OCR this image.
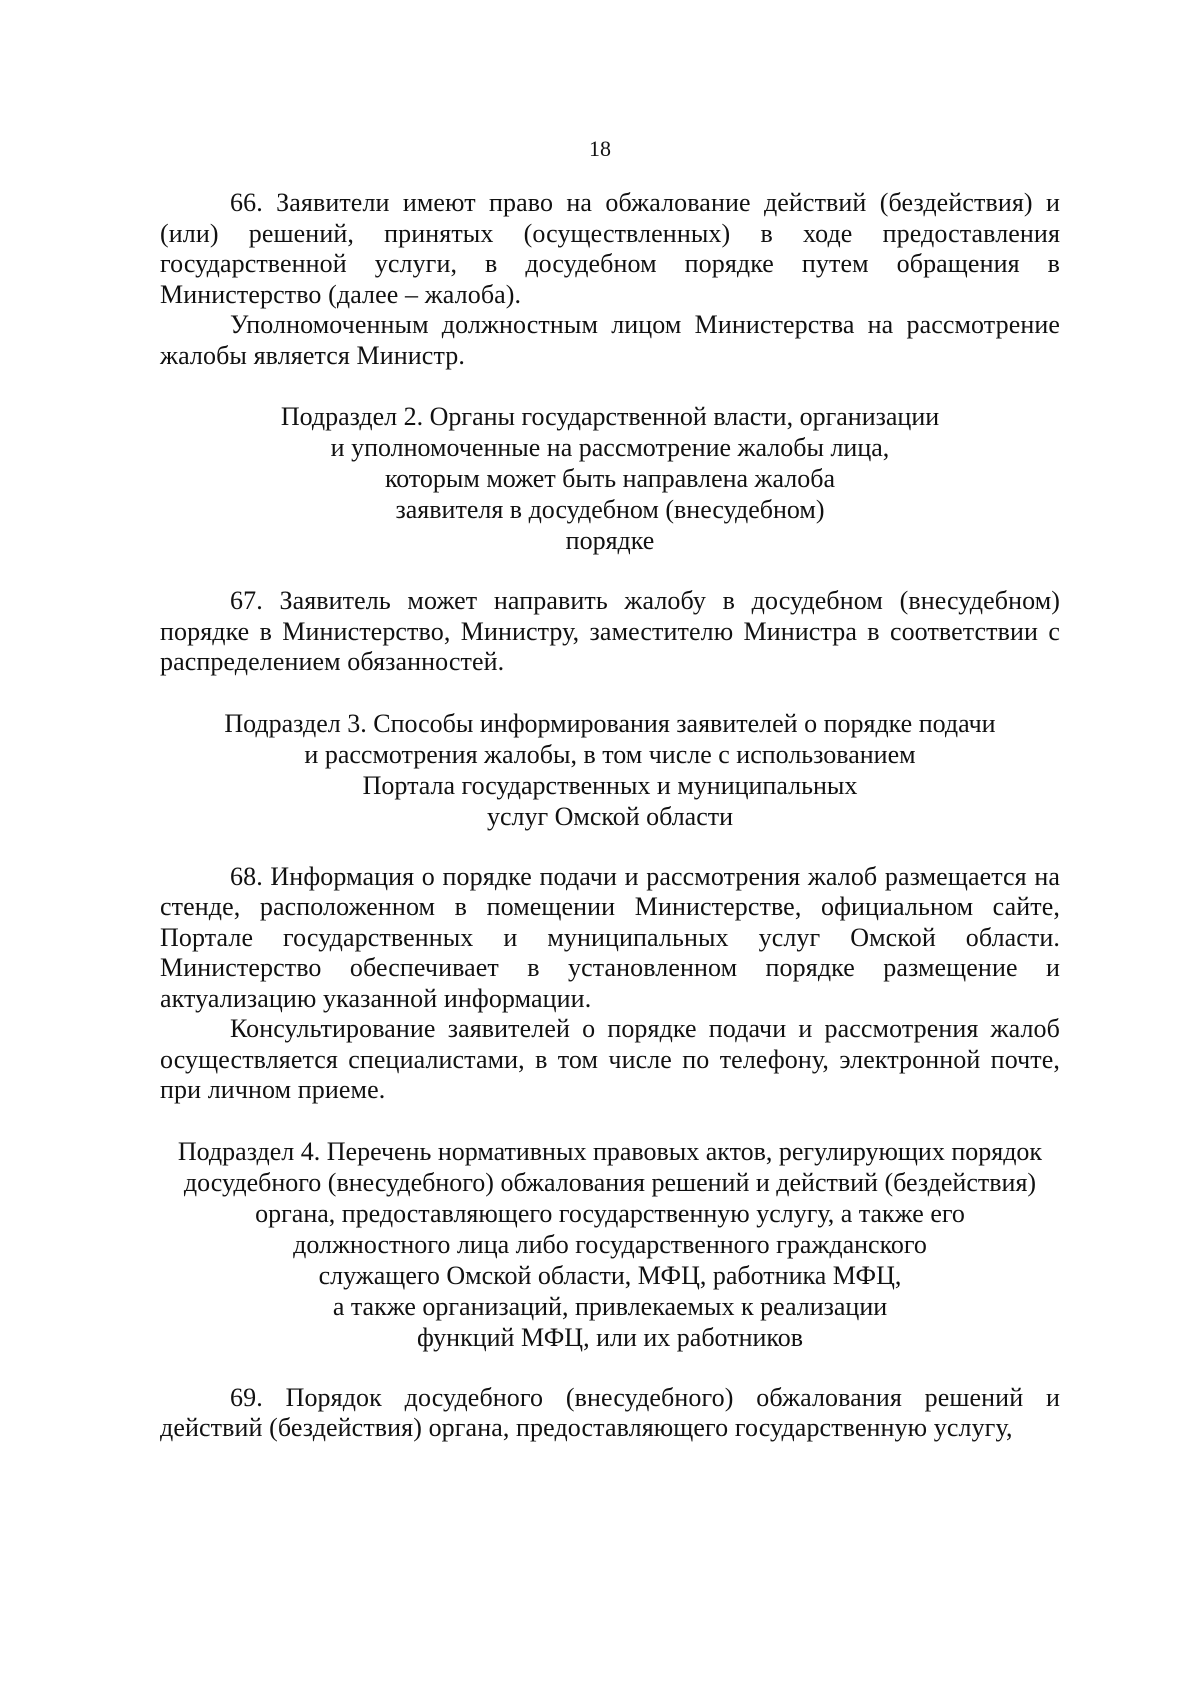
18

66. Заявители имеют право на обжалование действий (бездействия) и (или) решений, принятых (осуществленных) в ходе предоставления государственной услуги, в досудебном порядке путем обращения в Министерство (далее – жалоба).

Уполномоченным должностным лицом Министерства на рассмотрение жалобы является Министр.

Подраздел 2. Органы государственной власти, организации
и уполномоченные на рассмотрение жалобы лица,
которым может быть направлена жалоба
заявителя в досудебном (внесудебном)
порядке

67. Заявитель может направить жалобу в досудебном (внесудебном) порядке в Министерство, Министру, заместителю Министра в соответствии с распределением обязанностей.

Подраздел 3. Способы информирования заявителей о порядке подачи
и рассмотрения жалобы, в том числе с использованием
Портала государственных и муниципальных
услуг Омской области

68. Информация о порядке подачи и рассмотрения жалоб размещается на стенде, расположенном в помещении Министерстве, официальном сайте, Портале государственных и муниципальных услуг Омской области. Министерство обеспечивает в установленном порядке размещение и актуализацию указанной информации.

Консультирование заявителей о порядке подачи и рассмотрения жалоб осуществляется специалистами, в том числе по телефону, электронной почте, при личном приеме.

Подраздел 4. Перечень нормативных правовых актов, регулирующих порядок
досудебного (внесудебного) обжалования решений и действий (бездействия)
органа, предоставляющего государственную услугу, а также его
должностного лица либо государственного гражданского
служащего Омской области, МФЦ, работника МФЦ,
а также организаций, привлекаемых к реализации
функций МФЦ, или их работников

69. Порядок досудебного (внесудебного) обжалования решений и действий (бездействия) органа, предоставляющего государственную услугу,
